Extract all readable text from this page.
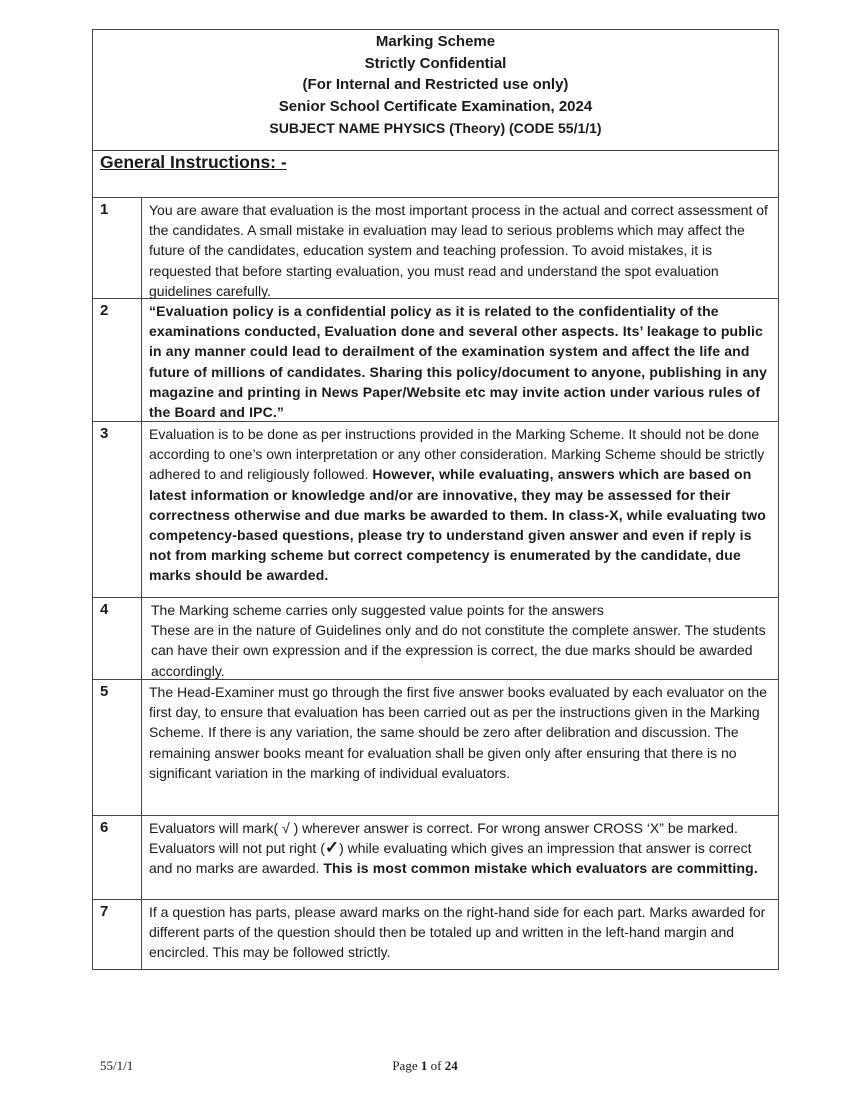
Marking Scheme
Strictly Confidential
(For Internal and Restricted use only)
Senior School Certificate Examination, 2024
SUBJECT NAME PHYSICS (Theory) (CODE 55/1/1)
General Instructions: -
1	You are aware that evaluation is the most important process in the actual and correct assessment of the candidates. A small mistake in evaluation may lead to serious problems which may affect the future of the candidates, education system and teaching profession. To avoid mistakes, it is requested that before starting evaluation, you must read and understand the spot evaluation guidelines carefully.
2	“Evaluation policy is a confidential policy as it is related to the confidentiality of the examinations conducted, Evaluation done and several other aspects. Its’ leakage to public in any manner could lead to derailment of the examination system and affect the life and future of millions of candidates. Sharing this policy/document to anyone, publishing in any magazine and printing in News Paper/Website etc may invite action under various rules of the Board and IPC.”
3	Evaluation is to be done as per instructions provided in the Marking Scheme. It should not be done according to one’s own interpretation or any other consideration. Marking Scheme should be strictly adhered to and religiously followed. However, while evaluating, answers which are based on latest information or knowledge and/or are innovative, they may be assessed for their correctness otherwise and due marks be awarded to them. In class-X, while evaluating two competency-based questions, please try to understand given answer and even if reply is not from marking scheme but correct competency is enumerated by the candidate, due marks should be awarded.
4	The Marking scheme carries only suggested value points for the answers
These are in the nature of Guidelines only and do not constitute the complete answer. The students can have their own expression and if the expression is correct, the due marks should be awarded accordingly.
5	The Head-Examiner must go through the first five answer books evaluated by each evaluator on the first day, to ensure that evaluation has been carried out as per the instructions given in the Marking Scheme. If there is any variation, the same should be zero after delibration and discussion. The remaining answer books meant for evaluation shall be given only after ensuring that there is no significant variation in the marking of individual evaluators.
6	Evaluators will mark( √ ) wherever answer is correct. For wrong answer CROSS ‘X” be marked. Evaluators will not put right (✓) while evaluating which gives an impression that answer is correct and no marks are awarded. This is most common mistake which evaluators are committing.
7	If a question has parts, please award marks on the right-hand side for each part. Marks awarded for different parts of the question should then be totaled up and written in the left-hand margin and encircled. This may be followed strictly.
55/1/1	Page 1 of 24
